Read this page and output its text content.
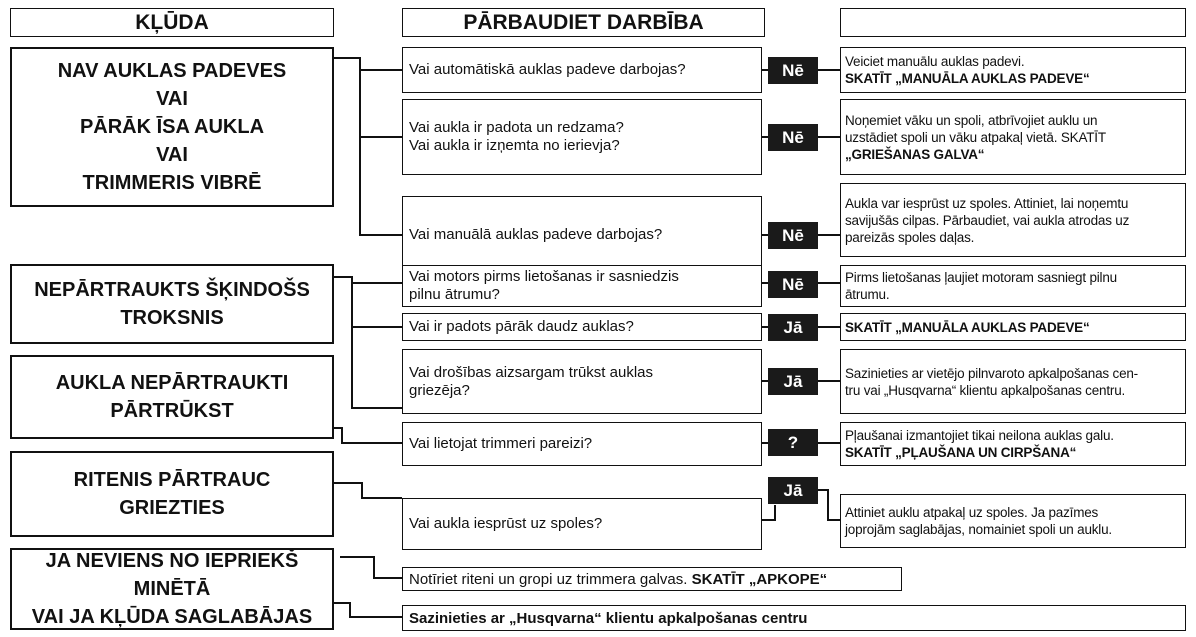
KĻŪDA	PĀRBAUDIET DARBĪBA
NAV AUKLAS PADEVES
VAI
PĀRĀK ĪSA AUKLA
VAI
TRIMMERIS VIBRĒ
NEPĀRTRAUKTS ŠĶINDOŠS
TROKSNIS
AUKLA NEPĀRTRAUKTI
PĀRTRŪKST
RITENIS PĀRTRAUC
GRIEZTIES
JA NEVIENS NO IEPRIEKŠ
MINĒTĀ
VAI JA KĻŪDA SAGLABĀJAS
Vai automātiskā auklas padeve darbojas?
Vai aukla ir padota un redzama?
Vai aukla ir izņemta no ierievja?
Vai manuālā auklas padeve darbojas?
Vai motors pirms lietošanas ir sasniedzis
pilnu ātrumu?
Vai ir padots pārāk daudz auklas?
Vai drošības aizsargam trūkst auklas
griezēja?
Vai lietojat trimmeri pareizi?
Vai aukla iesprūst uz spoles?
Nē
Nē
Nē
Nē
Jā
Jā
?
Jā
Veiciet manuālu auklas padevi.
SKATĪT „MANUĀLA AUKLAS PADEVE“
Noņemiet vāku un spoli, atbrīvojiet auklu un
uzstādiet spoli un vāku atpakaļ vietā. SKATĪT
„GRIEŠANAS GALVA“
Aukla var iesprūst uz spoles. Attiniet, lai noņemtu
savijušās cilpas. Pārbaudiet, vai aukla atrodas uz
pareizās spoles daļas.
Pirms lietošanas ļaujiet motoram sasniegt pilnu
ātrumu.
SKATĪT „MANUĀLA AUKLAS PADEVE“
Sazinieties ar vietējo pilnvaroto apkalpošanas cen-
tru vai „Husqvarna“ klientu apkalpošanas centru.
Pļaušanai izmantojiet tikai neilona auklas galu.
SKATĪT „PĻAUŠANA UN CIRPŠANA“
Attiniet auklu atpakaļ uz spoles. Ja pazīmes
joprojām saglabājas, nomainiet spoli un auklu.
Notīriet riteni un gropi uz trimmera galvas. SKATĪT „APKOPE“
Sazinieties ar „Husqvarna“ klientu apkalpošanas centru
